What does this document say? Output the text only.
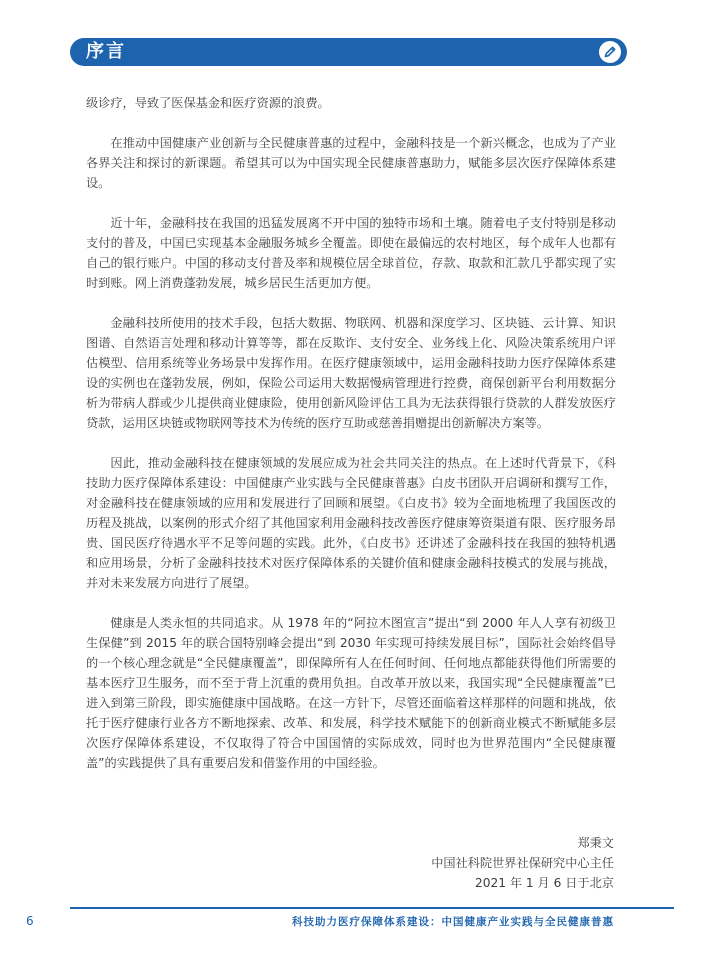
序言

级诊疗，导致了医保基金和医疗资源的浪费。

在推动中国健康产业创新与全民健康普惠的过程中，金融科技是一个新兴概念，也成为了产业各界关注和探讨的新课题。希望其可以为中国实现全民健康普惠助力，赋能多层次医疗保障体系建设。

近十年，金融科技在我国的迅猛发展离不开中国的独特市场和土壤。随着电子支付特别是移动支付的普及，中国已实现基本金融服务城乡全覆盖。即使在最偏远的农村地区，每个成年人也都有自己的银行账户。中国的移动支付普及率和规模位居全球首位，存款、取款和汇款几乎都实现了实时到账。网上消费蓬勃发展，城乡居民生活更加方便。

金融科技所使用的技术手段，包括大数据、物联网、机器和深度学习、区块链、云计算、知识图谱、自然语言处理和移动计算等等，都在反欺诈、支付安全、业务线上化、风险决策系统用户评估模型、信用系统等业务场景中发挥作用。在医疗健康领域中，运用金融科技助力医疗保障体系建设的实例也在蓬勃发展，例如，保险公司运用大数据慢病管理进行控费，商保创新平台利用数据分析为带病人群或少儿提供商业健康险，使用创新风险评估工具为无法获得银行贷款的人群发放医疗贷款，运用区块链或物联网等技术为传统的医疗互助或慈善捐赠提出创新解决方案等。

因此，推动金融科技在健康领域的发展应成为社会共同关注的热点。在上述时代背景下，《科技助力医疗保障体系建设：中国健康产业实践与全民健康普惠》白皮书团队开启调研和撰写工作，对金融科技在健康领域的应用和发展进行了回顾和展望。《白皮书》较为全面地梳理了我国医改的历程及挑战，以案例的形式介绍了其他国家利用金融科技改善医疗健康筹资渠道有限、医疗服务昂贵、国民医疗待遇水平不足等问题的实践。此外，《白皮书》还讲述了金融科技在我国的独特机遇和应用场景，分析了金融科技技术对医疗保障体系的关键价值和健康金融科技模式的发展与挑战，并对未来发展方向进行了展望。

健康是人类永恒的共同追求。从 1978 年的“阿拉木图宣言”提出“到 2000 年人人享有初级卫生保健”到 2015 年的联合国特别峰会提出“到 2030 年实现可持续发展目标”，国际社会始终倡导的一个核心理念就是“全民健康覆盖”，即保障所有人在任何时间、任何地点都能获得他们所需要的基本医疗卫生服务，而不至于背上沉重的费用负担。自改革开放以来，我国实现“全民健康覆盖”已进入到第三阶段，即实施健康中国战略。在这一方针下，尽管还面临着这样那样的问题和挑战，依托于医疗健康行业各方不断地探索、改革、和发展，科学技术赋能下的创新商业模式不断赋能多层次医疗保障体系建设，不仅取得了符合中国国情的实际成效，同时也为世界范围内“全民健康覆盖”的实践提供了具有重要启发和借鉴作用的中国经验。

郑秉文
中国社科院世界社保研究中心主任
2021 年 1 月 6 日于北京
6	科技助力医疗保障体系建设：中国健康产业实践与全民健康普惠
